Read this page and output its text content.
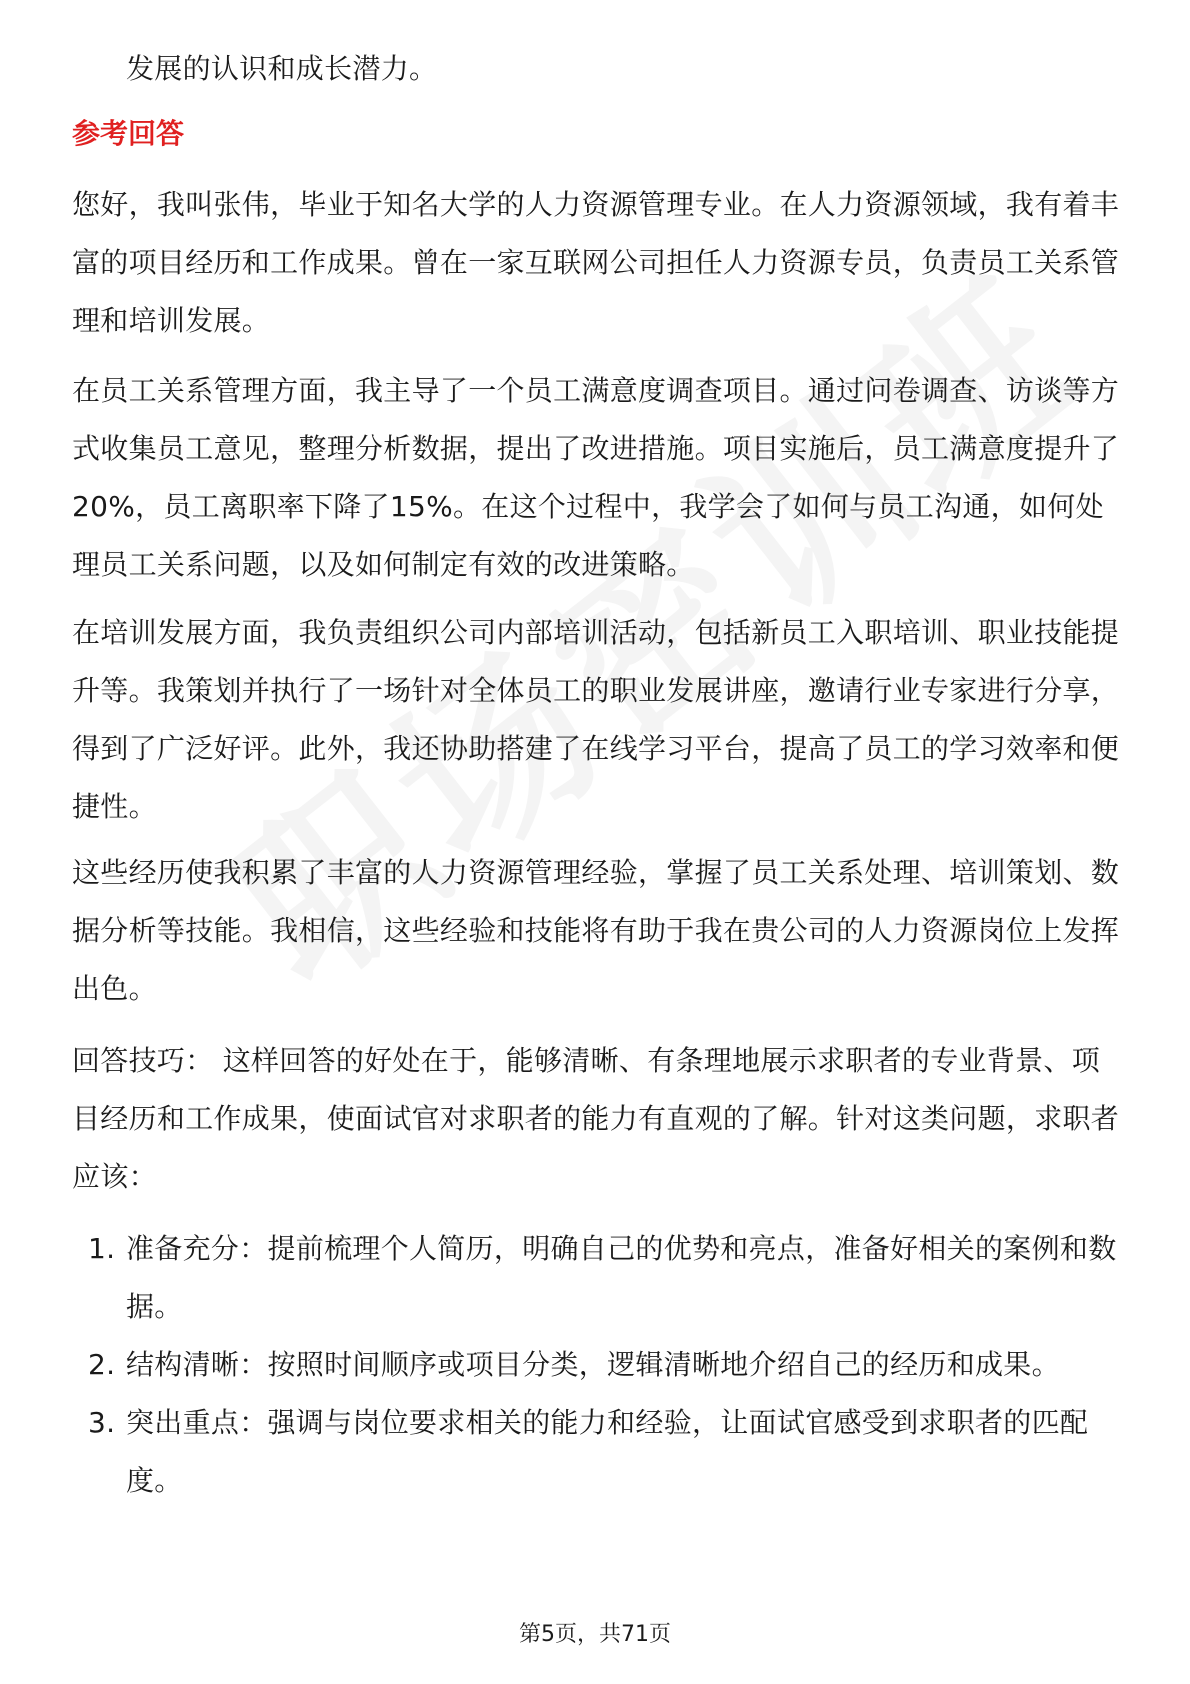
发展的认识和成长潜力。
参考回答
您好，我叫张伟，毕业于知名大学的人力资源管理专业。在人力资源领域，我有着丰富的项目经历和工作成果。曾在一家互联网公司担任人力资源专员，负责员工关系管理和培训发展。
在员工关系管理方面，我主导了一个员工满意度调查项目。通过问卷调查、访谈等方式收集员工意见，整理分析数据，提出了改进措施。项目实施后，员工满意度提升了20%，员工离职率下降了15%。在这个过程中，我学会了如何与员工沟通，如何处理员工关系问题，以及如何制定有效的改进策略。
在培训发展方面，我负责组织公司内部培训活动，包括新员工入职培训、职业技能提升等。我策划并执行了一场针对全体员工的职业发展讲座，邀请行业专家进行分享，得到了广泛好评。此外，我还协助搭建了在线学习平台，提高了员工的学习效率和便捷性。
这些经历使我积累了丰富的人力资源管理经验，掌握了员工关系处理、培训策划、数据分析等技能。我相信，这些经验和技能将有助于我在贵公司的人力资源岗位上发挥出色。
回答技巧： 这样回答的好处在于，能够清晰、有条理地展示求职者的专业背景、项目经历和工作成果，使面试官对求职者的能力有直观的了解。针对这类问题，求职者应该：
1. 准备充分：提前梳理个人简历，明确自己的优势和亮点，准备好相关的案例和数据。
2. 结构清晰：按照时间顺序或项目分类，逻辑清晰地介绍自己的经历和成果。
3. 突出重点：强调与岗位要求相关的能力和经验，让面试官感受到求职者的匹配度。
第5页，共71页
